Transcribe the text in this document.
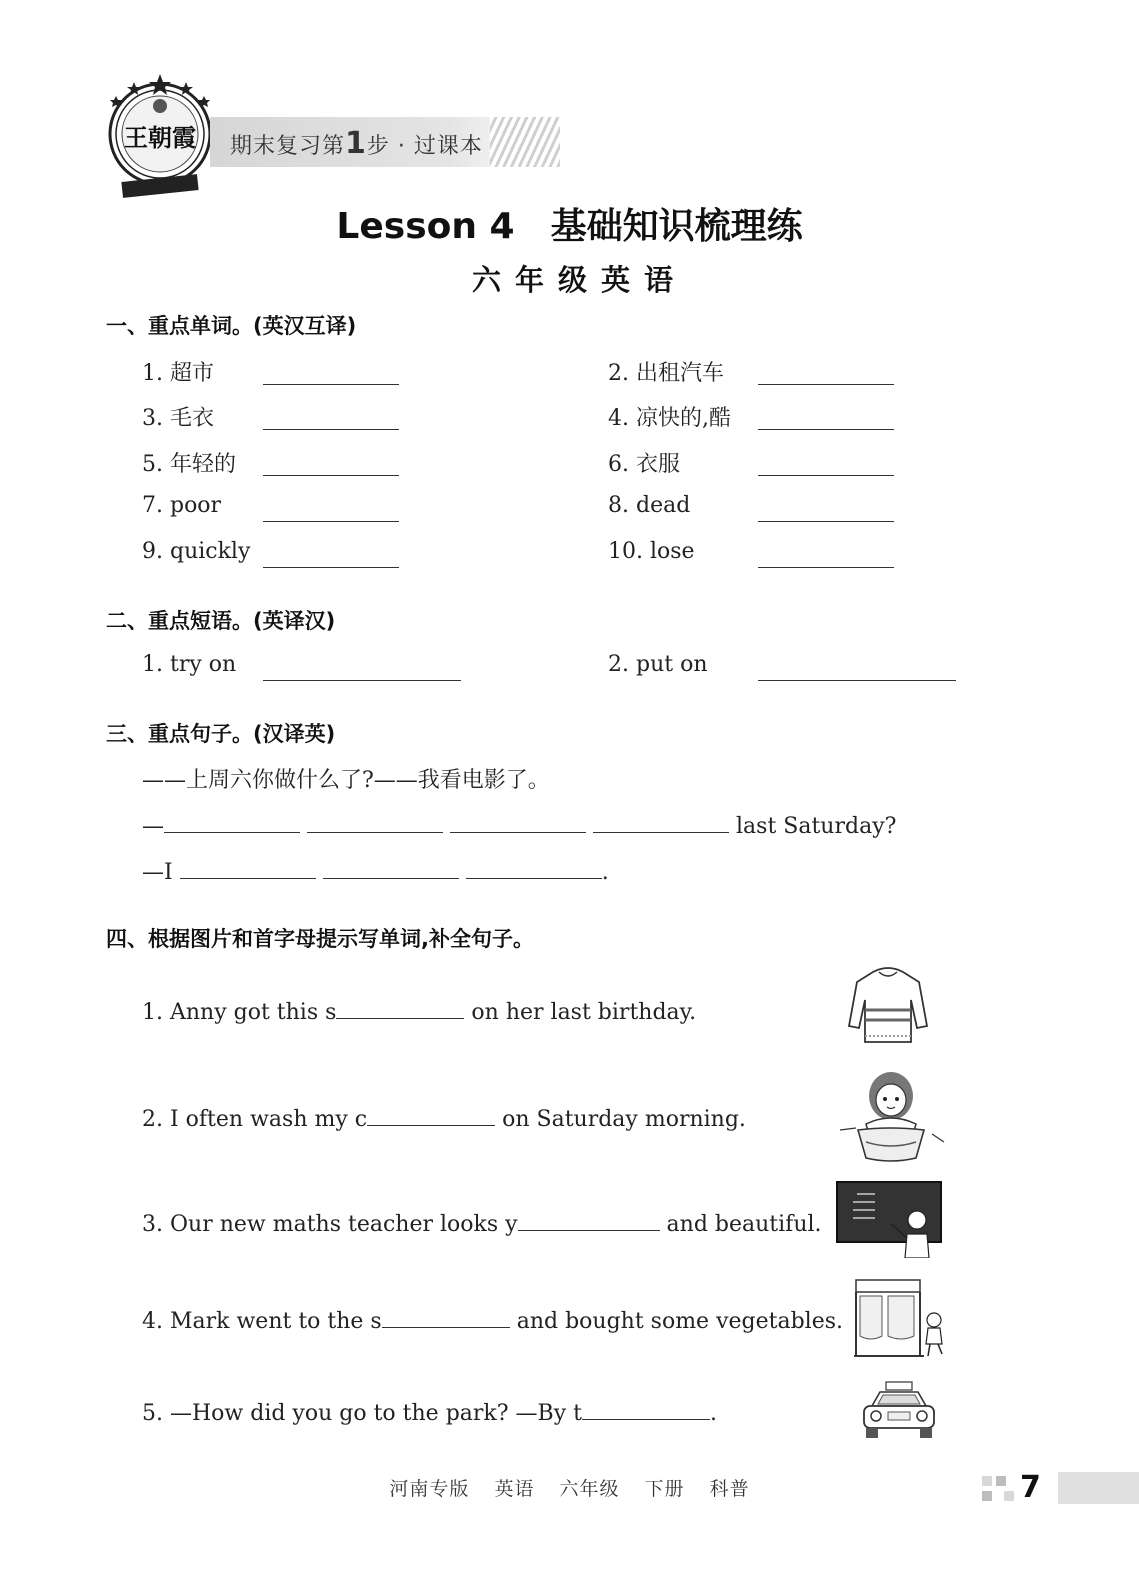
王朝霞	期末复习第1步 · 过课本
Lesson 4　基础知识梳理练
六年级英语
一、重点单词。(英汉互译)
1. 超市	2. 出租汽车
3. 毛衣	4. 凉快的,酷
5. 年轻的	6. 衣服
7. poor	8. dead
9. quickly	10. lose
二、重点短语。(英译汉)
1. try on	2. put on
三、重点句子。(汉译英)
——上周六你做什么了?——我看电影了。
—	last Saturday?
—I	.
四、根据图片和首字母提示写单词,补全句子。
1. Anny got this s	on her last birthday.
2. I often wash my c	on Saturday morning.
3. Our new maths teacher looks y	and beautiful.
4. Mark went to the s	and bought some vegetables.
5. —How did you go to the park? —By t	.
河南专版 英语 六年级 下册 科普	7
